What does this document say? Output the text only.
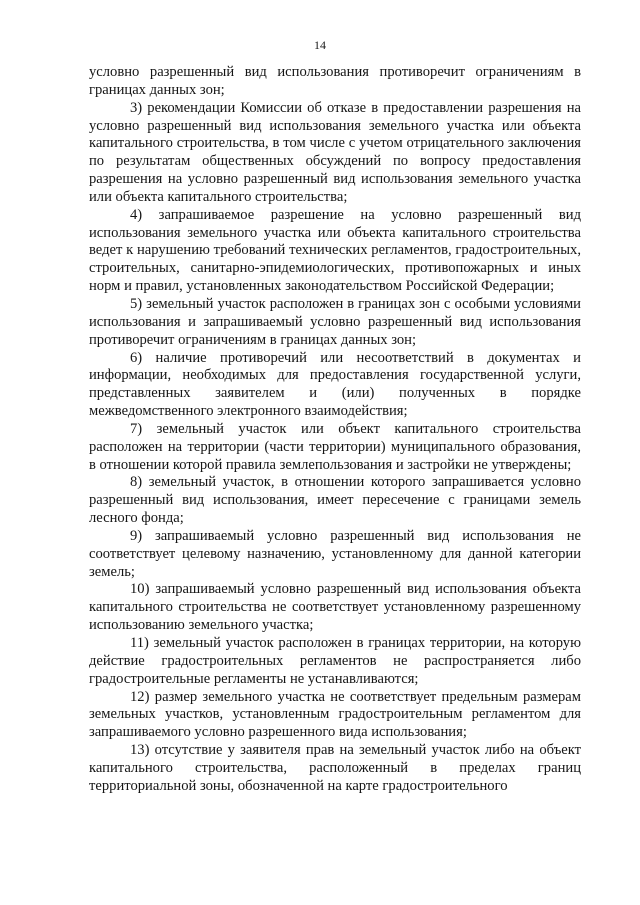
14

условно разрешенный вид использования противоречит ограничениям в границах данных зон;

3) рекомендации Комиссии об отказе в предоставлении разрешения на условно разрешенный вид использования земельного участка или объекта капитального строительства, в том числе с учетом отрицательного заключения по результатам общественных обсуждений по вопросу предоставления разрешения на условно разрешенный вид использования земельного участка или объекта капитального строительства;

4) запрашиваемое разрешение на условно разрешенный вид использования земельного участка или объекта капитального строительства ведет к нарушению требований технических регламентов, градостроительных, строительных, санитарно-эпидемиологических, противопожарных и иных норм и правил, установленных законодательством Российской Федерации;

5) земельный участок расположен в границах зон с особыми условиями использования и запрашиваемый условно разрешенный вид использования противоречит ограничениям в границах данных зон;

6) наличие противоречий или несоответствий в документах и информации, необходимых для предоставления государственной услуги, представленных заявителем и (или) полученных в порядке межведомственного электронного взаимодействия;

7) земельный участок или объект капитального строительства расположен на территории (части территории) муниципального образования, в отношении которой правила землепользования и застройки не утверждены;

8) земельный участок, в отношении которого запрашивается условно разрешенный вид использования, имеет пересечение с границами земель лесного фонда;

9) запрашиваемый условно разрешенный вид использования не соответствует целевому назначению, установленному для данной категории земель;

10) запрашиваемый условно разрешенный вид использования объекта капитального строительства не соответствует установленному разрешенному использованию земельного участка;

11) земельный участок расположен в границах территории, на которую действие градостроительных регламентов не распространяется либо градостроительные регламенты не устанавливаются;

12) размер земельного участка не соответствует предельным размерам земельных участков, установленным градостроительным регламентом для запрашиваемого условно разрешенного вида использования;

13) отсутствие у заявителя прав на земельный участок либо на объект капитального строительства, расположенный в пределах границ территориальной зоны, обозначенной на карте градостроительного
